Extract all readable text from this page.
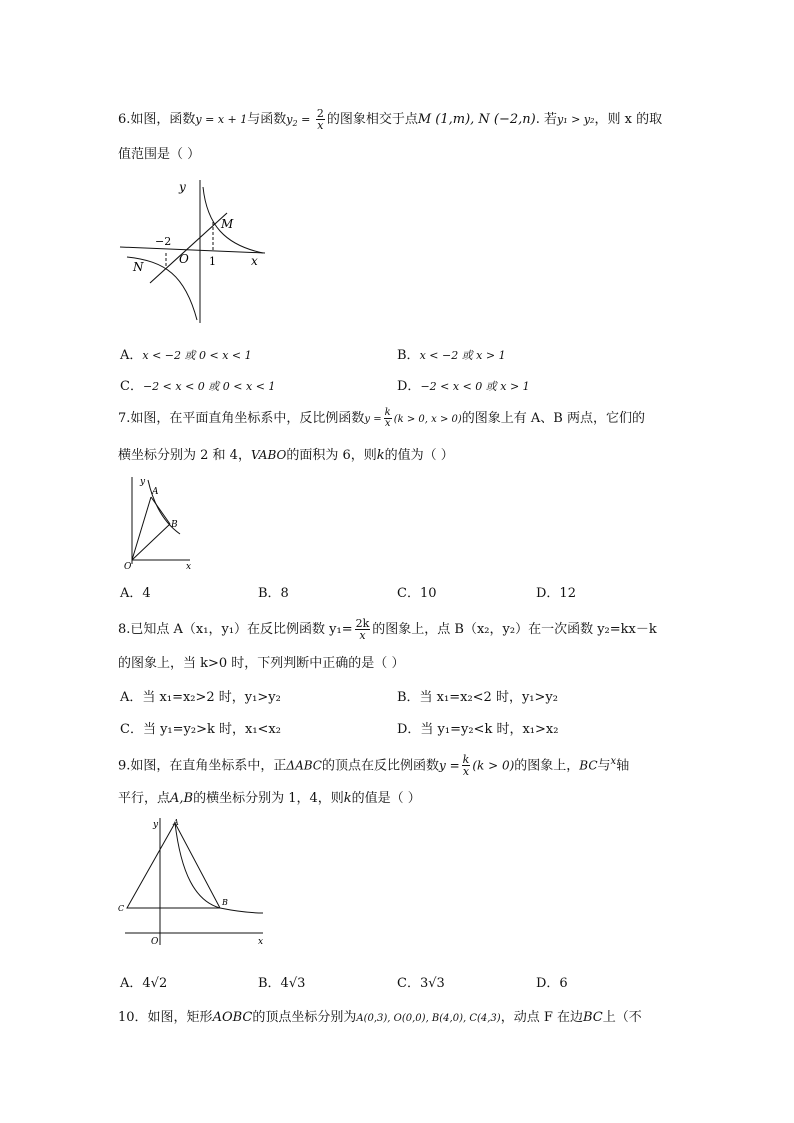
6.如图，函数y = x + 1与函数$y_2 = \frac{2}{x}$ 的图象相交于点M (1,m), N (−2,n). 若y₁ > y₂，则 x 的取
值范围是（ ）
y
x
O
M
N
−2
1
A．x < −2 或 0 < x < 1	B．x < −2 或 x > 1
C．−2 < x < 0 或 0 < x < 1	D．−2 < x < 0 或 x > 1
7.如图，在平面直角坐标系中，反比例函数$y = \frac{k}{x} (k > 0$, x > 0)的图象上有 A、B 两点，它们的
横坐标分别为 2 和 4，VABO的面积为 6，则k的值为（ ）
y
x
O
A
B
A．4	B．8	C．10	D．12
8.已知点 A（x₁，y₁）在反比例函数 $y_1= \frac{2k}{x}$ 的图象上，点 B（x₂，y₂）在一次函数 y₂=kx－k
的图象上，当 k>0 时，下列判断中正确的是（ ）
A．当 x₁=x₂>2 时，y₁>y₂	B．当 x₁=x₂<2 时，y₁>y₂
C．当 y₁=y₂>k 时，x₁<x₂	D．当 y₁=y₂<k 时，x₁>x₂
9.如图，在直角坐标系中，正ΔABC的顶点在反比例函数$y = \frac{k}{x} (k > 0)$的图象上，BC与$^x$轴
平行，点A,B的横坐标分别为 1，4，则k的值是（ ）
y
x
O
A
B
C
A．4√2	B．4√3	C．3√3	D．6
10．如图，矩形AOBC的顶点坐标分别为A(0,3), O(0,0), B(4,0), C(4,3)，动点 F 在边BC上（不
